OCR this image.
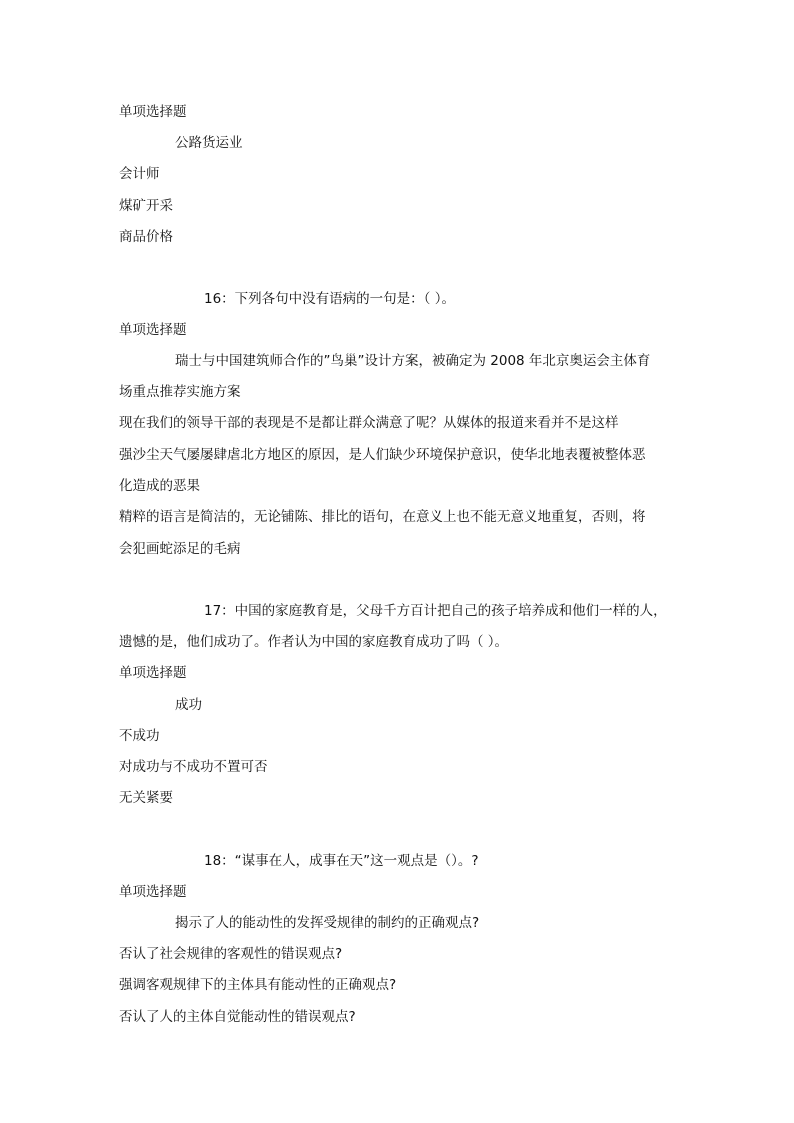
单项选择题
公路货运业
会计师
煤矿开采
商品价格
16：下列各句中没有语病的一句是：（ ）。
单项选择题
瑞士与中国建筑师合作的”鸟巢”设计方案，被确定为 2008 年北京奥运会主体育
场重点推荐实施方案
现在我们的领导干部的表现是不是都让群众满意了呢？从媒体的报道来看并不是这样
强沙尘天气屡屡肆虐北方地区的原因，是人们缺少环境保护意识，使华北地表覆被整体恶
化造成的恶果
精粹的语言是简洁的，无论铺陈、排比的语句，在意义上也不能无意义地重复，否则，将
会犯画蛇添足的毛病
17：中国的家庭教育是，父母千方百计把自己的孩子培养成和他们一样的人，
遗憾的是，他们成功了。作者认为中国的家庭教育成功了吗（ ）。
单项选择题
成功
不成功
对成功与不成功不置可否
无关紧要
18：“谋事在人，成事在天”这一观点是（）。?
单项选择题
揭示了人的能动性的发挥受规律的制约的正确观点?
否认了社会规律的客观性的错误观点?
强调客观规律下的主体具有能动性的正确观点?
否认了人的主体自觉能动性的错误观点?
